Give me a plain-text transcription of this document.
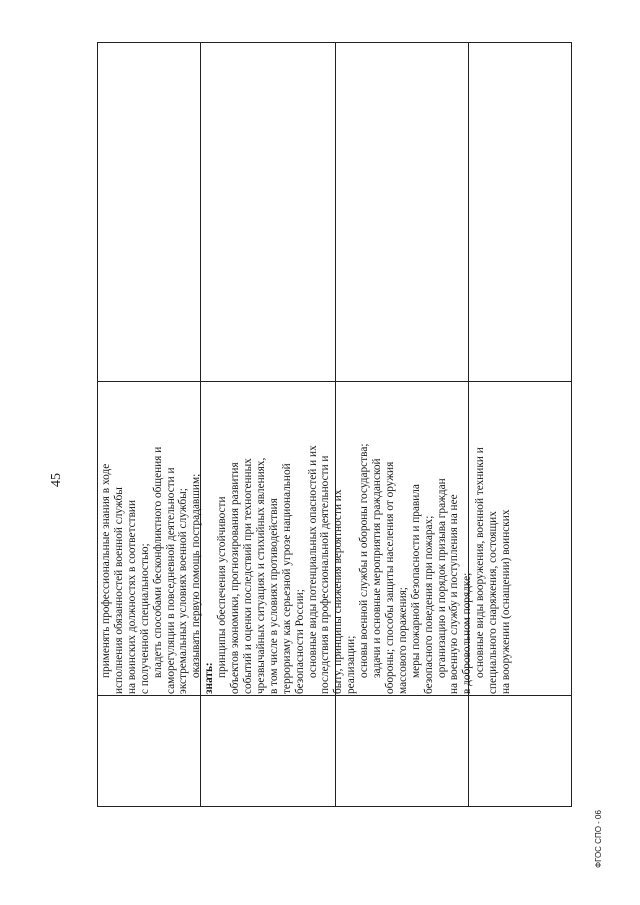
45	применять профессиональные знания в ходе исполнения обязанностей военной службы на воинских должностях в соответствии с полученной специальностью; владеть способами бесконфликтного общения и саморегуляции в повседневной деятельности и экстремальных условиях военной службы; оказывать первую помощь пострадавшим;
знать:
принципы обеспечения устойчивости объектов экономики, прогнозирования развития событий и оценки последствий при техногенных чрезвычайных ситуациях и стихийных явлениях, в том числе в условиях противодействия терроризму как серьезной угрозе национальной безопасности России; основные виды потенциальных опасностей и их последствия в профессиональной деятельности и быту, принципы снижения вероятности их реализации; основы военной службы и обороны государства; задачи и основные мероприятия гражданской обороны; способы защиты населения от оружия массового поражения; меры пожарной безопасности и правила безопасного поведения при пожарах; организацию и порядок призыва граждан на военную службу и поступления на нее в добровольном порядке; основные виды вооружения, военной техники и специального снаряжения, состоящих на вооружении (оснащении) воинских
ФГОС СПО - 06
